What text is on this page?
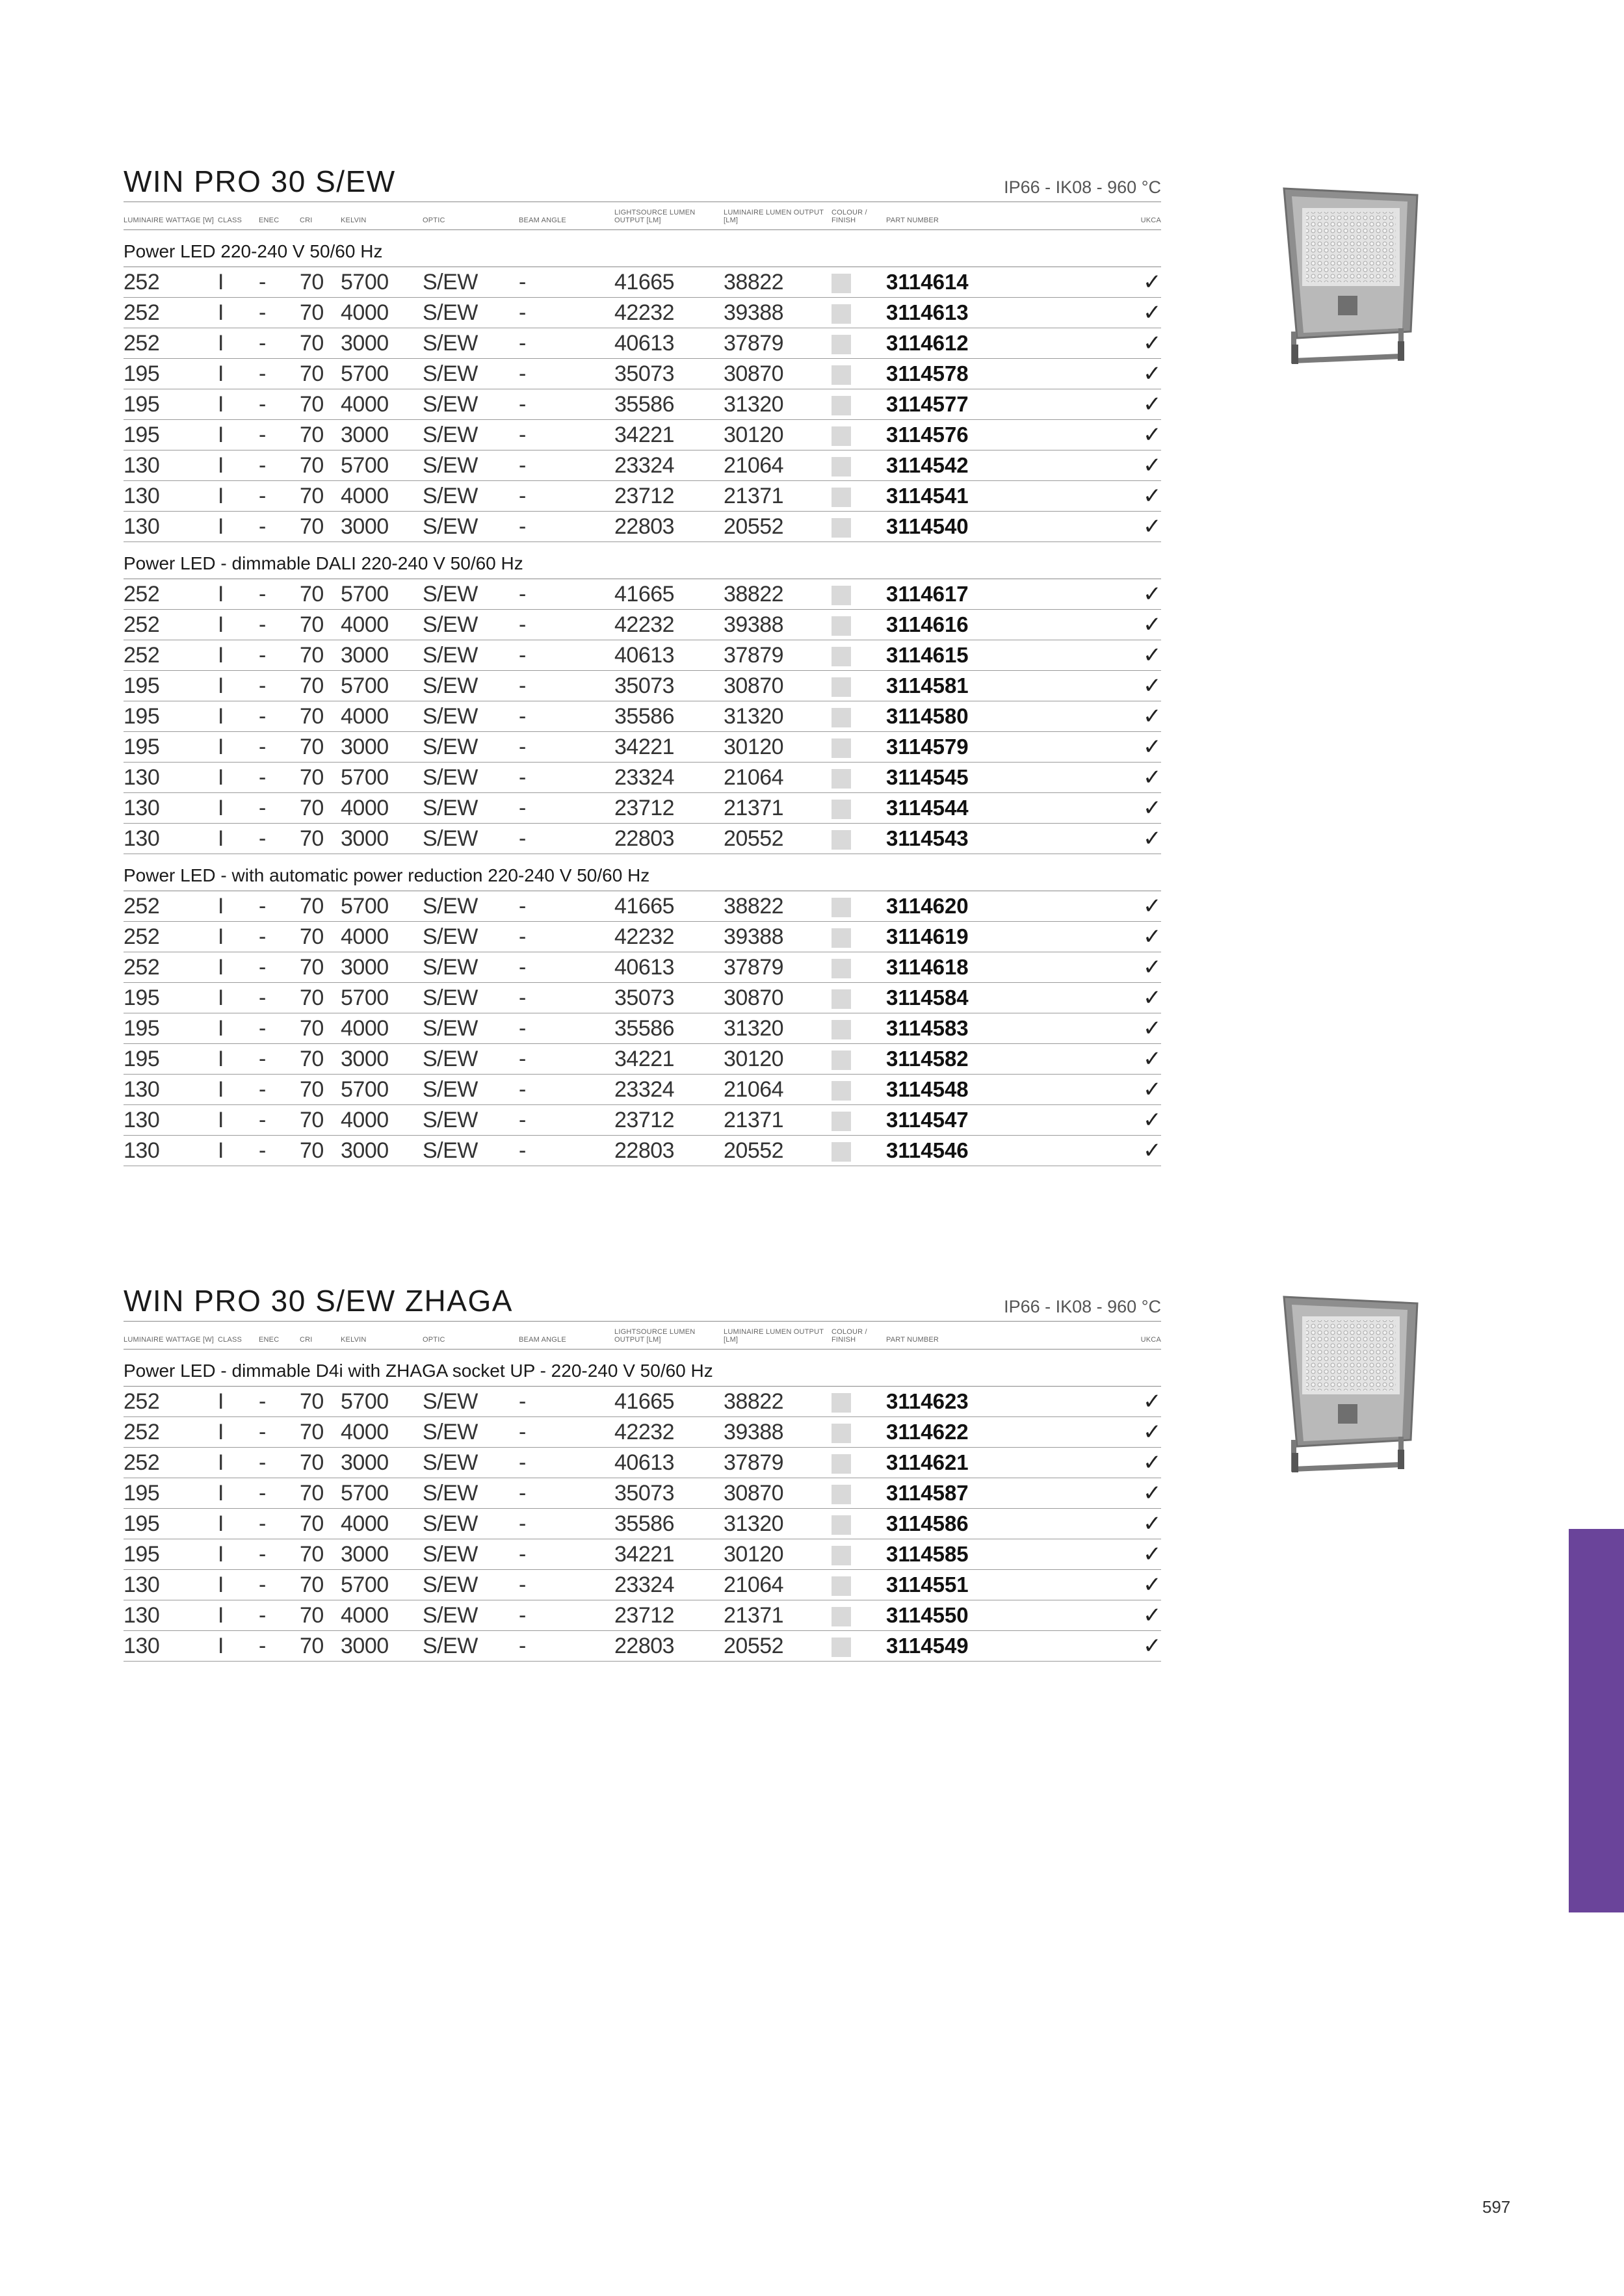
WIN PRO 30 S/EW	IP66 - IK08 - 960 °C
LUMINAIRE WATTAGE [W]	CLASS	ENEC	CRI	KELVIN	OPTIC	BEAM ANGLE	LIGHTSOURCE LUMEN OUTPUT [LM]	LUMINAIRE LUMEN OUTPUT [LM]	COLOUR / FINISH	PART NUMBER	UKCA
Power LED 220-240 V 50/60 Hz											
252	I	-	70	5700	S/EW	-	41665	38822		3114614	✓
252	I	-	70	4000	S/EW	-	42232	39388		3114613	✓
252	I	-	70	3000	S/EW	-	40613	37879		3114612	✓
195	I	-	70	5700	S/EW	-	35073	30870		3114578	✓
195	I	-	70	4000	S/EW	-	35586	31320		3114577	✓
195	I	-	70	3000	S/EW	-	34221	30120		3114576	✓
130	I	-	70	5700	S/EW	-	23324	21064		3114542	✓
130	I	-	70	4000	S/EW	-	23712	21371		3114541	✓
130	I	-	70	3000	S/EW	-	22803	20552		3114540	✓
Power LED - dimmable DALI 220-240 V 50/60 Hz											
252	I	-	70	5700	S/EW	-	41665	38822		3114617	✓
252	I	-	70	4000	S/EW	-	42232	39388		3114616	✓
252	I	-	70	3000	S/EW	-	40613	37879		3114615	✓
195	I	-	70	5700	S/EW	-	35073	30870		3114581	✓
195	I	-	70	4000	S/EW	-	35586	31320		3114580	✓
195	I	-	70	3000	S/EW	-	34221	30120		3114579	✓
130	I	-	70	5700	S/EW	-	23324	21064		3114545	✓
130	I	-	70	4000	S/EW	-	23712	21371		3114544	✓
130	I	-	70	3000	S/EW	-	22803	20552		3114543	✓
Power LED - with automatic power reduction 220-240 V 50/60 Hz											
252	I	-	70	5700	S/EW	-	41665	38822		3114620	✓
252	I	-	70	4000	S/EW	-	42232	39388		3114619	✓
252	I	-	70	3000	S/EW	-	40613	37879		3114618	✓
195	I	-	70	5700	S/EW	-	35073	30870		3114584	✓
195	I	-	70	4000	S/EW	-	35586	31320		3114583	✓
195	I	-	70	3000	S/EW	-	34221	30120		3114582	✓
130	I	-	70	5700	S/EW	-	23324	21064		3114548	✓
130	I	-	70	4000	S/EW	-	23712	21371		3114547	✓
130	I	-	70	3000	S/EW	-	22803	20552		3114546	✓
WIN PRO 30 S/EW ZHAGA	IP66 - IK08 - 960 °C
LUMINAIRE WATTAGE [W]	CLASS	ENEC	CRI	KELVIN	OPTIC	BEAM ANGLE	LIGHTSOURCE LUMEN OUTPUT [LM]	LUMINAIRE LUMEN OUTPUT [LM]	COLOUR / FINISH	PART NUMBER	UKCA
Power LED - dimmable D4i with ZHAGA socket UP - 220-240 V 50/60 Hz											
252	I	-	70	5700	S/EW	-	41665	38822		3114623	✓
252	I	-	70	4000	S/EW	-	42232	39388		3114622	✓
252	I	-	70	3000	S/EW	-	40613	37879		3114621	✓
195	I	-	70	5700	S/EW	-	35073	30870		3114587	✓
195	I	-	70	4000	S/EW	-	35586	31320		3114586	✓
195	I	-	70	3000	S/EW	-	34221	30120		3114585	✓
130	I	-	70	5700	S/EW	-	23324	21064		3114551	✓
130	I	-	70	4000	S/EW	-	23712	21371		3114550	✓
130	I	-	70	3000	S/EW	-	22803	20552		3114549	✓
597
